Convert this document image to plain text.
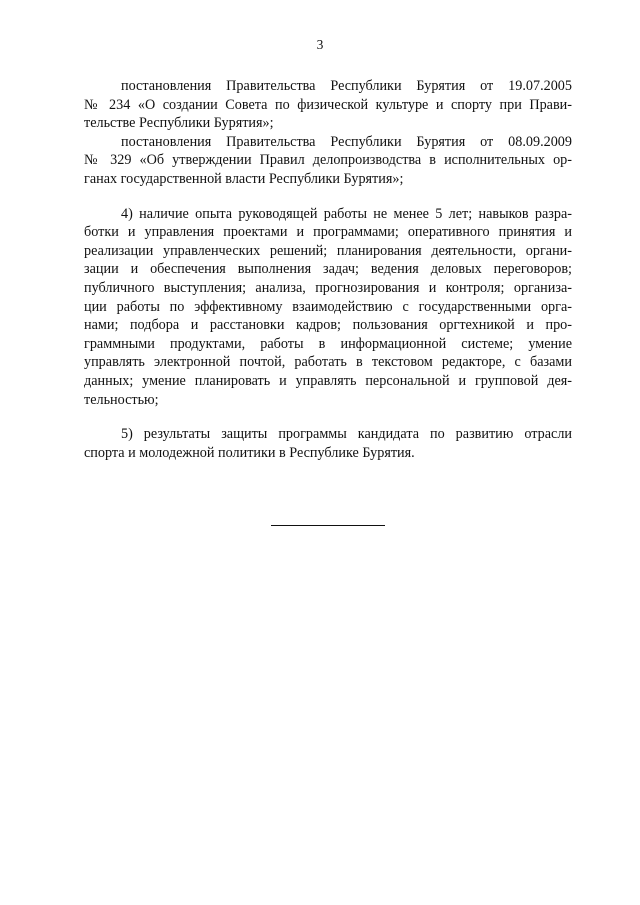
3
постановления Правительства Республики Бурятия от 19.07.2005
№ 234 «О создании Совета по физической культуре и спорту при Прави-
тельстве Республики Бурятия»;
постановления Правительства Республики Бурятия от 08.09.2009
№ 329 «Об утверждении Правил делопроизводства в исполнительных ор-
ганах государственной власти Республики Бурятия»;
4) наличие опыта руководящей работы не менее 5 лет; навыков разра-
ботки и управления проектами и программами; оперативного принятия и
реализации управленческих решений; планирования деятельности, органи-
зации и обеспечения выполнения задач; ведения деловых переговоров;
публичного выступления; анализа, прогнозирования и контроля; организа-
ции работы по эффективному взаимодействию с государственными орга-
нами; подбора и расстановки кадров; пользования оргтехникой и про-
граммными продуктами, работы в информационной системе; умение
управлять электронной почтой, работать в текстовом редакторе, с базами
данных; умение планировать и управлять персональной и групповой дея-
тельностью;
5) результаты защиты программы кандидата по развитию отрасли
спорта и молодежной политики в Республике Бурятия.
